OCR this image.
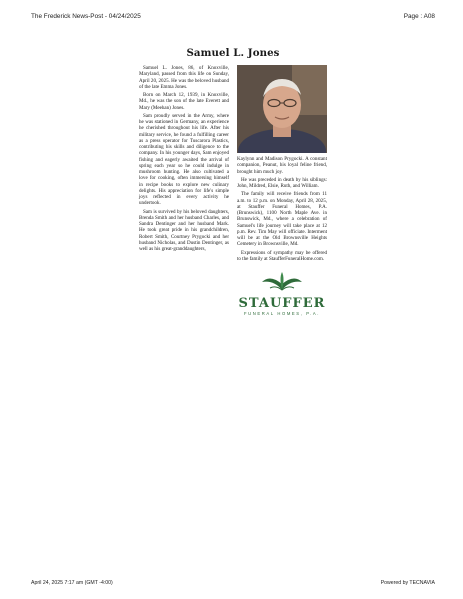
The Frederick News-Post - 04/24/2025	Page : A08
Samuel L. Jones

Samuel L. Jones, 86, of Knoxville, Maryland, passed from this life on Sunday, April 20, 2025. He was the beloved husband of the late Emma Jones.

Born on March 12, 1939, in Knoxville, Md., he was the son of the late Everett and Mary (Meehan) Jones.

Sam proudly served in the Army, where he was stationed in Germany, an experience he cherished throughout his life. After his military service, he found a fulfilling career as a press operator for Tuscarora Plastics, contributing his skills and diligence to the company. In his younger days, Sam enjoyed fishing and eagerly awaited the arrival of spring each year so he could indulge in mushroom hunting. He also cultivated a love for cooking, often immersing himself in recipe books to explore new culinary delights. His appreciation for life's simple joys reflected in every activity he undertook.

Sam is survived by his beloved daughters, Brenda Smith and her husband Charles, and Sandra Dentinger and her husband Mark. He took great pride in his grandchildren, Robert Smith, Courtney Prygocki and her husband Nicholas, and Dustin Dentinger, as well as his great-granddaughters,

Kaylynn and Madison Prygocki. A constant companion, Peanut, his loyal feline friend, brought him much joy.

He was preceded in death by his siblings: John, Mildred, Elsie, Ruth, and William.

The family will receive friends from 11 a.m. to 12 p.m. on Monday, April 28, 2025, at Stauffer Funeral Homes, P.A. (Brunswick), 1100 North Maple Ave. in Brunswick, Md., where a celebration of Samuel's life journey will take place at 12 p.m. Rev. Tim May will officiate. Interment will be at the Old Brownsville Heights Cemetery in Brownsville, Md.

Expressions of sympathy may be offered to the family at StaufferFuneralHome.com.

STAUFFER
FUNERAL HOMES, P.A.
April 24, 2025 7:17 am (GMT -4:00)	Powered by TECNAVIA
